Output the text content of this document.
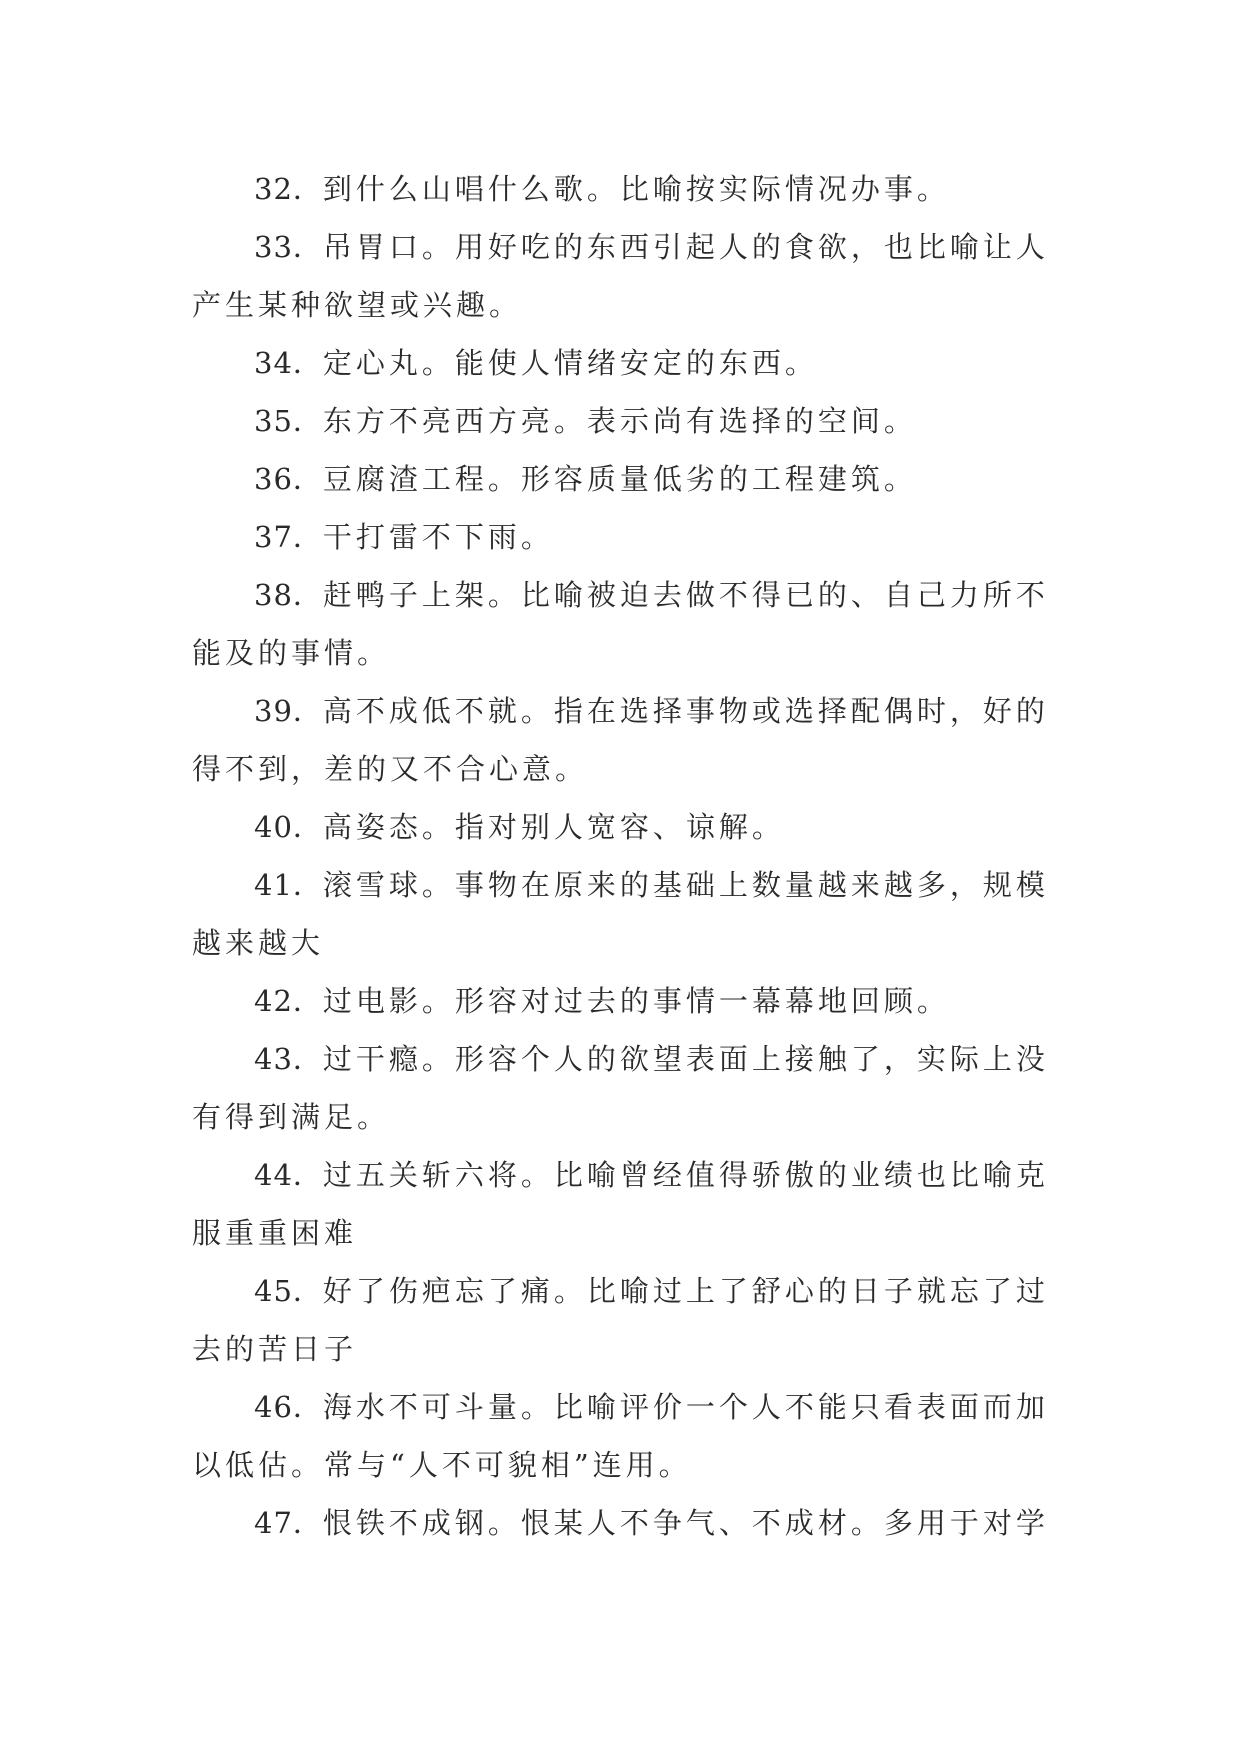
32．到什么山唱什么歌。比喻按实际情况办事。

33．吊胃口。用好吃的东西引起人的食欲，也比喻让人产生某种欲望或兴趣。

34．定心丸。能使人情绪安定的东西。

35．东方不亮西方亮。表示尚有选择的空间。

36．豆腐渣工程。形容质量低劣的工程建筑。

37．干打雷不下雨。

38．赶鸭子上架。比喻被迫去做不得已的、自己力所不能及的事情。

39．高不成低不就。指在选择事物或选择配偶时，好的得不到，差的又不合心意。

40．高姿态。指对别人宽容、谅解。

41．滚雪球。事物在原来的基础上数量越来越多，规模越来越大

42．过电影。形容对过去的事情一幕幕地回顾。

43．过干瘾。形容个人的欲望表面上接触了，实际上没有得到满足。

44．过五关斩六将。比喻曾经值得骄傲的业绩也比喻克服重重困难

45．好了伤疤忘了痛。比喻过上了舒心的日子就忘了过去的苦日子

46．海水不可斗量。比喻评价一个人不能只看表面而加以低估。常与“人不可貌相”连用。

47．恨铁不成钢。恨某人不争气、不成材。多用于对学
